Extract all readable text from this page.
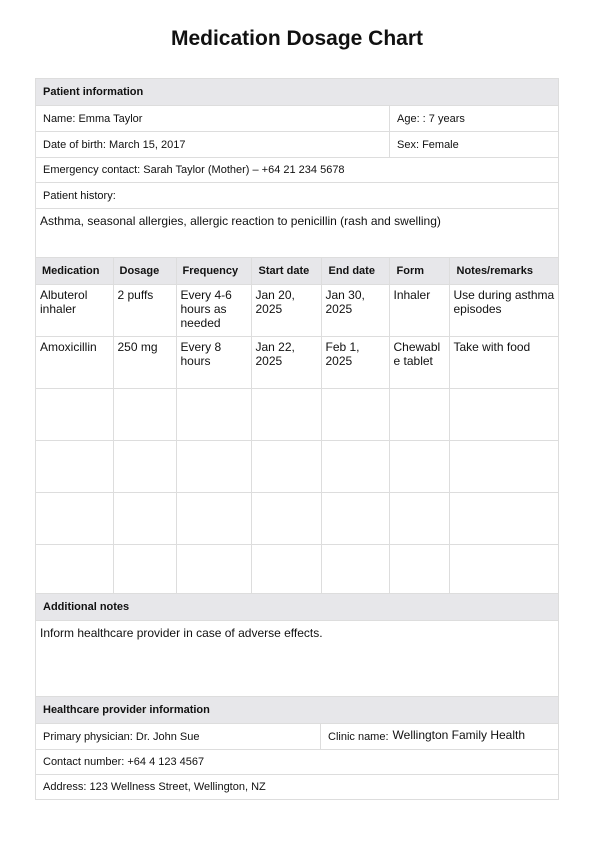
Medication Dosage Chart
Patient information
Name: Emma Taylor	Age: : 7 years
Date of birth: March 15, 2017	Sex: Female
Emergency contact: Sarah Taylor (Mother) – +64 21 234 5678
Patient history:
Asthma, seasonal allergies, allergic reaction to penicillin (rash and swelling)
Medication	Dosage	Frequency	Start date	End date	Form	Notes/remarks
Albuterol inhaler	2 puffs	Every 4-6 hours as needed	Jan 20, 2025	Jan 30, 2025	Inhaler	Use during asthma episodes
Amoxicillin	250 mg	Every 8 hours	Jan 22, 2025	Feb 1, 2025	Chewable tablet	Take with food

Additional notes
Inform healthcare provider in case of adverse effects.
Healthcare provider information
Primary physician: Dr. John Sue	Clinic name: Wellington Family Health
Contact number: +64 4 123 4567
Address: 123 Wellness Street, Wellington, NZ
